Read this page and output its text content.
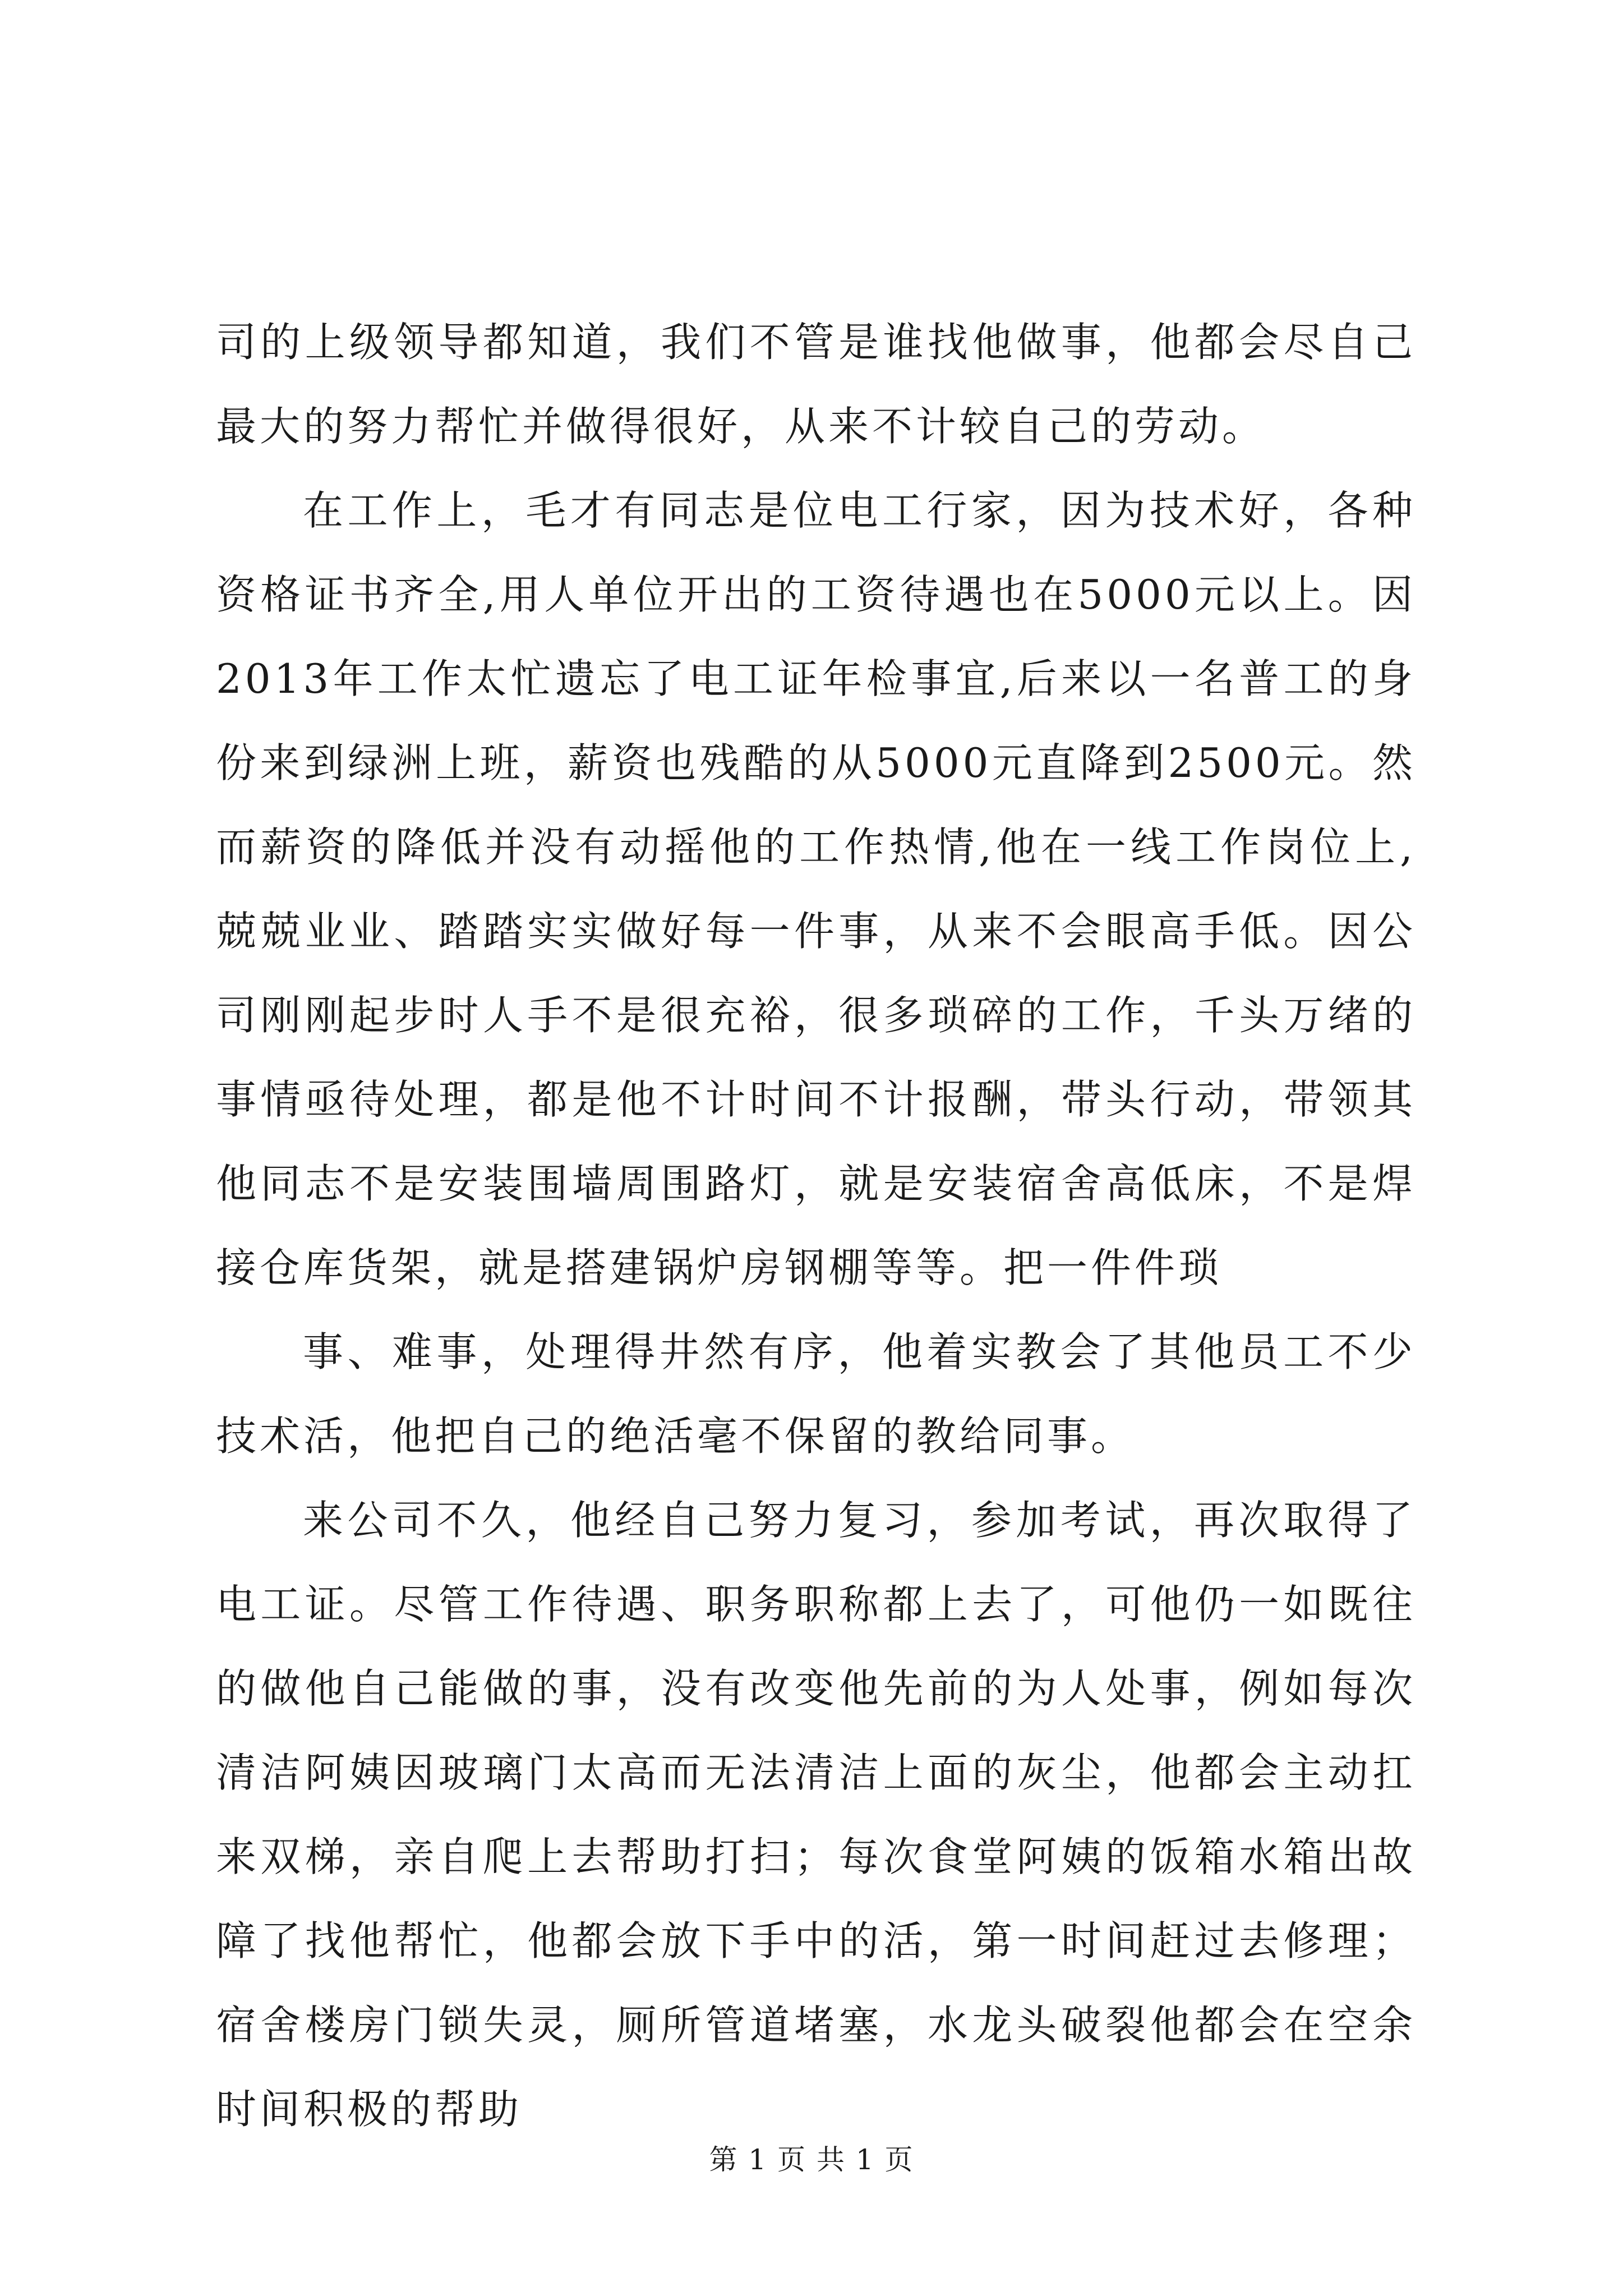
司的上级领导都知道，我们不管是谁找他做事，他都会尽自己最大的努力帮忙并做得很好，从来不计较自己的劳动。

在工作上，毛才有同志是位电工行家，因为技术好，各种资格证书齐全,用人单位开出的工资待遇也在5000元以上。因2013年工作太忙遗忘了电工证年检事宜,后来以一名普工的身份来到绿洲上班，薪资也残酷的从5000元直降到2500元。然而薪资的降低并没有动摇他的工作热情,他在一线工作岗位上,兢兢业业、踏踏实实做好每一件事，从来不会眼高手低。因公司刚刚起步时人手不是很充裕，很多琐碎的工作，千头万绪的事情亟待处理，都是他不计时间不计报酬，带头行动，带领其他同志不是安装围墙周围路灯，就是安装宿舍高低床，不是焊接仓库货架，就是搭建锅炉房钢棚等等。把一件件琐

事、难事，处理得井然有序，他着实教会了其他员工不少技术活，他把自己的绝活毫不保留的教给同事。

来公司不久，他经自己努力复习，参加考试，再次取得了电工证。尽管工作待遇、职务职称都上去了，可他仍一如既往的做他自己能做的事，没有改变他先前的为人处事，例如每次清洁阿姨因玻璃门太高而无法清洁上面的灰尘，他都会主动扛来双梯，亲自爬上去帮助打扫；每次食堂阿姨的饭箱水箱出故障了找他帮忙，他都会放下手中的活，第一时间赶过去修理；宿舍楼房门锁失灵，厕所管道堵塞，水龙头破裂他都会在空余时间积极的帮助

第 1 页 共 1 页
